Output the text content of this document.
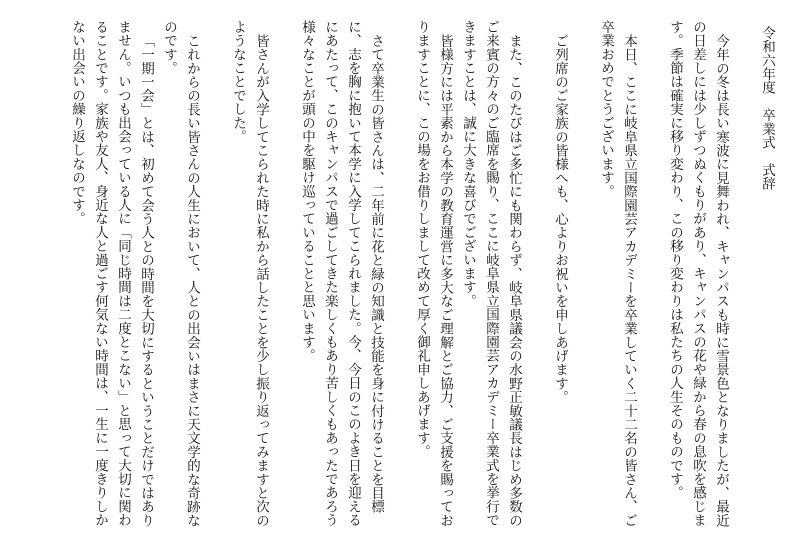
令和六年度　卒業式　式辞
今年の冬は長い寒波に見舞われ、キャンパスも時に雪景色となりましたが、最近の日差しには少しずつぬくもりがあり、キャンパスの花や緑から春の息吹を感じます。季節は確実に移り変わり、この移り変わりは私たちの人生そのものです。
本日、ここに岐阜県立国際園芸アカデミーを卒業していく二十二名の皆さん、ご卒業おめでとうございます。
ご列席のご家族の皆様へも、心よりお祝いを申しあげます。
また、このたびはご多忙にも関わらず、岐阜県議会の水野正敏議長はじめ多数のご来賓の方々のご臨席を賜り、ここに岐阜県立国際園芸アカデミー卒業式を挙行できますことは、誠に大きな喜びでございます。
皆様方には平素から本学の教育運営に多大なご理解とご協力、ご支援を賜っておりますことに、この場をお借りしまして改めて厚く御礼申しあげます。
さて卒業生の皆さんは、二年前に花と緑の知識と技能を身に付けることを目標に、志を胸に抱いて本学に入学してこられました。今、今日のこのよき日を迎えるにあたって、このキャンパスで過ごしてきた楽しくもあり苦しくもあったであろう様々なことが頭の中を駆け巡っていることと思います。
皆さんが入学してこられた時に私から話したことを少し振り返ってみますと次のようなことでした。
これからの長い皆さんの人生において、人との出会いはまさに天文学的な奇跡なのです。
「一期一会」とは、初めて会う人との時間を大切にするということだけではありません。いつも出会っている人に「同じ時間は二度とこない」と思って大切に関わることです。家族や友人、身近な人と過ごす何気ない時間は、一生に一度きりしかない出会いの繰り返しなのです。
